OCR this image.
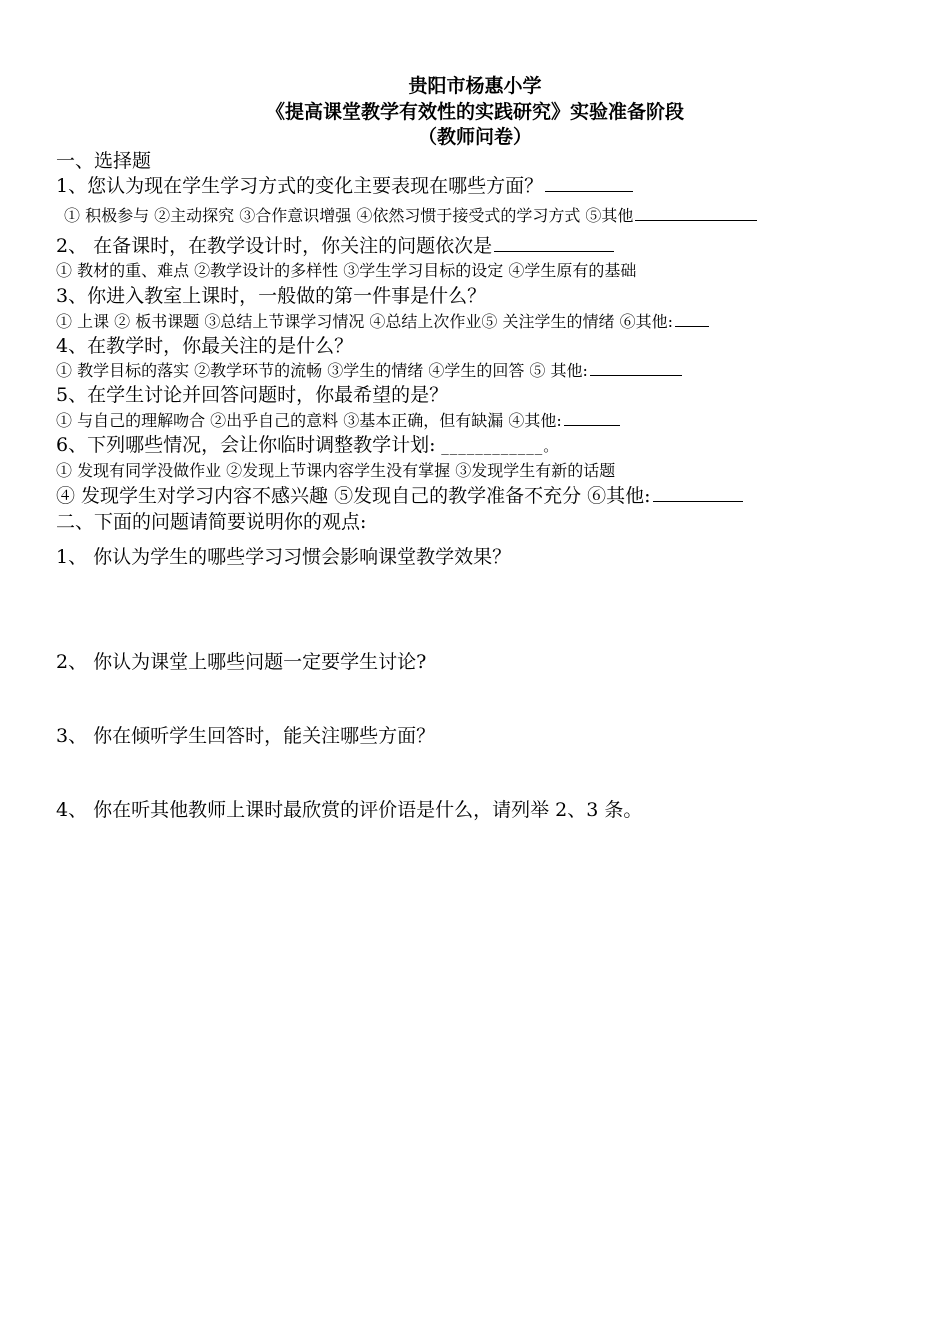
贵阳市杨惠小学
《提高课堂教学有效性的实践研究》实验准备阶段
（教师问卷）
一、选择题
1、您认为现在学生学习方式的变化主要表现在哪些方面？
① 积极参与 ②主动探究 ③合作意识增强 ④依然习惯于接受式的学习方式 ⑤其他
2、 在备课时，在教学设计时，你关注的问题依次是
① 教材的重、难点 ②教学设计的多样性 ③学生学习目标的设定 ④学生原有的基础
3、你进入教室上课时，一般做的第一件事是什么？
① 上课 ② 板书课题 ③总结上节课学习情况 ④总结上次作业⑤ 关注学生的情绪 ⑥其他:
4、在教学时，你最关注的是什么？
① 教学目标的落实 ②教学环节的流畅 ③学生的情绪 ④学生的回答 ⑤ 其他:
5、在学生讨论并回答问题时，你最希望的是？
① 与自己的理解吻合 ②出乎自己的意料 ③基本正确，但有缺漏 ④其他:
6、下列哪些情况，会让你临时调整教学计划: ____________。
① 发现有同学没做作业 ②发现上节课内容学生没有掌握 ③发现学生有新的话题
④ 发现学生对学习内容不感兴趣 ⑤发现自己的教学准备不充分 ⑥其他:
二、下面的问题请简要说明你的观点:
1、 你认为学生的哪些学习习惯会影响课堂教学效果？
2、 你认为课堂上哪些问题一定要学生讨论?
3、 你在倾听学生回答时，能关注哪些方面？
4、 你在听其他教师上课时最欣赏的评价语是什么，请列举 2、3 条。
